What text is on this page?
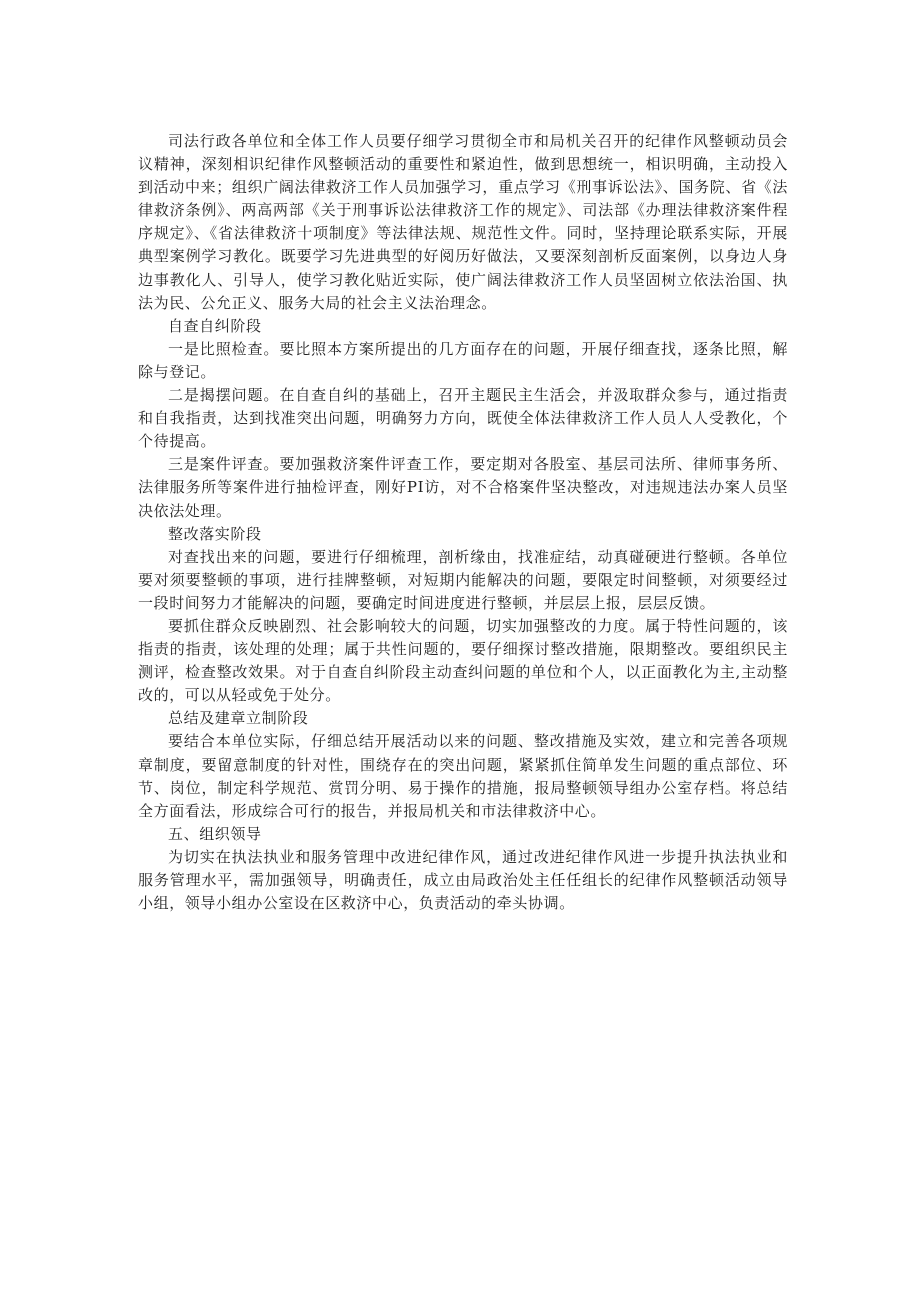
司法行政各单位和全体工作人员要仔细学习贯彻全市和局机关召开的纪律作风整顿动员会议精神，深刻相识纪律作风整顿活动的重要性和紧迫性，做到思想统一，相识明确，主动投入到活动中来；组织广阔法律救济工作人员加强学习，重点学习《刑事诉讼法》、国务院、省《法律救济条例》、两高两部《关于刑事诉讼法律救济工作的规定》、司法部《办理法律救济案件程序规定》、《省法律救济十项制度》等法律法规、规范性文件。同时，坚持理论联系实际，开展典型案例学习教化。既要学习先进典型的好阅历好做法，又要深刻剖析反面案例，以身边人身边事教化人、引导人，使学习教化贴近实际，使广阔法律救济工作人员坚固树立依法治国、执法为民、公允正义、服务大局的社会主义法治理念。

自查自纠阶段

一是比照检查。要比照本方案所提出的几方面存在的问题，开展仔细查找，逐条比照，解除与登记。

二是揭摆问题。在自查自纠的基础上，召开主题民主生活会，并汲取群众参与，通过指责和自我指责，达到找准突出问题，明确努力方向，既使全体法律救济工作人员人人受教化，个个待提高。

三是案件评查。要加强救济案件评查工作，要定期对各股室、基层司法所、律师事务所、法律服务所等案件进行抽检评查，刚好PI访，对不合格案件坚决整改，对违规违法办案人员坚决依法处理。

整改落实阶段

对查找出来的问题，要进行仔细梳理，剖析缘由，找准症结，动真碰硬进行整顿。各单位要对须要整顿的事项，进行挂牌整顿，对短期内能解决的问题，要限定时间整顿，对须要经过一段时间努力才能解决的问题，要确定时间进度进行整顿，并层层上报，层层反馈。

要抓住群众反映剧烈、社会影响较大的问题，切实加强整改的力度。属于特性问题的，该指责的指责，该处理的处理；属于共性问题的，要仔细探讨整改措施，限期整改。要组织民主测评，检查整改效果。对于自查自纠阶段主动查纠问题的单位和个人，以正面教化为主,主动整改的，可以从轻或免于处分。

总结及建章立制阶段

要结合本单位实际，仔细总结开展活动以来的问题、整改措施及实效，建立和完善各项规章制度，要留意制度的针对性，围绕存在的突出问题，紧紧抓住简单发生问题的重点部位、环节、岗位，制定科学规范、赏罚分明、易于操作的措施，报局整顿领导组办公室存档。将总结全方面看法，形成综合可行的报告，并报局机关和市法律救济中心。

五、组织领导

为切实在执法执业和服务管理中改进纪律作风，通过改进纪律作风进一步提升执法执业和服务管理水平，需加强领导，明确责任，成立由局政治处主任任组长的纪律作风整顿活动领导小组，领导小组办公室设在区救济中心，负责活动的牵头协调。
